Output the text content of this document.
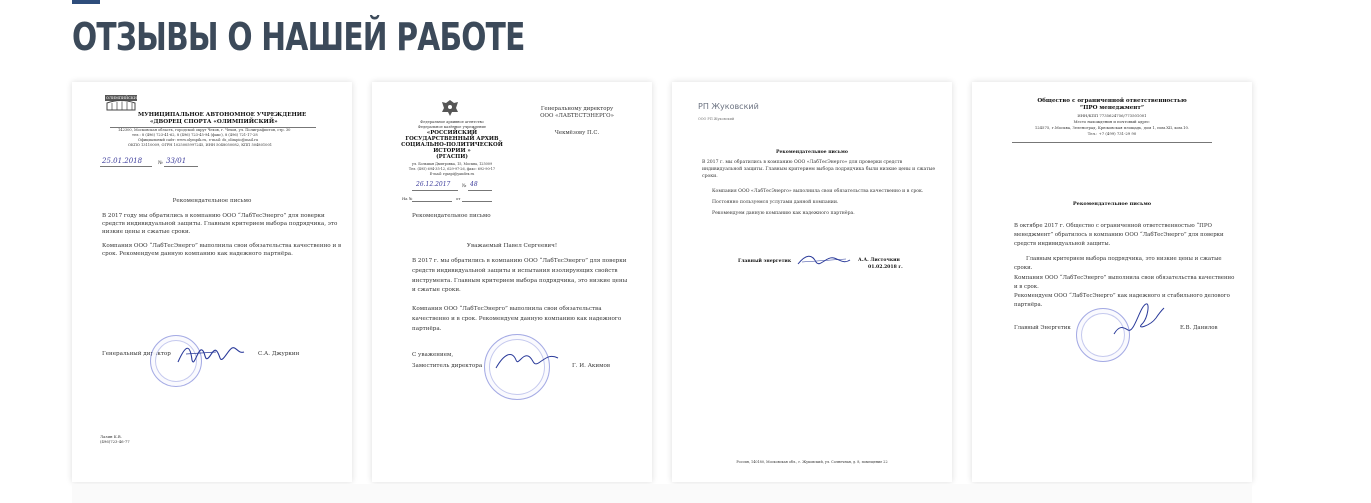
ОТЗЫВЫ О НАШЕЙ РАБОТЕ
ОЛИМПИЙСКИЙ
МУНИЦИПАЛЬНОЕ АВТОНОМНОЕ УЧРЕЖДЕНИЕ
«ДВОРЕЦ СПОРТА «ОЛИМПИЙСКИЙ»
142300, Московская область, городской округ Чехов, г. Чехов, ул. Полиграфистов, стр. 30
тел.: 8 (496) 723-41-62, 8 (496) 723-45-94 (факс), 8 (496) 721-17-28
Официальный сайт: www.olympik.ru, e-mail: ds_olimpic@mail.ru
ОКПО 13110009, ОГРН 1025005997245, ИНН 5048050082, КПП 504801001
25.01.2018	№ 33/01
Рекомендательное письмо
В 2017 году мы обратились в компанию ООО “ЛабТесЭнерго” для поверки средств индивидуальной защиты. Главным критерием выбора подрядчика, это низкие цены и сжатые сроки.
Компания ООО “ЛабТесЭнерго” выполнила свои обязательства качественно и в срок. Рекомендуем данную компанию как надежного партнёра.
Генеральный директор	С.А. Джуркин
Лазин К.В.
(496)723-46-77
Федеральное архивное агентство
Федеральное казённое учреждение
«РОССИЙСКИЙ
ГОСУДАРСТВЕННЫЙ АРХИВ
СОЦИАЛЬНО-ПОЛИТИЧЕСКОЙ
ИСТОРИИ »
(РГАСПИ)
ул. Большая Дмитровка, 15, Москва, 125009
Тел. (495) 694-35-12, 629-97-26, факс: 692-90-17
E-mail: rgaspi@yandex.ru
26.12.2017	№ 48
На №	от
Генеральному директору
ООО «ЛАБТЕСТЭНЕРГО»
Чекмёзову П.С.
Рекомендательное письмо
Уважаемый Павел Сергеевич!
В 2017 г. мы обратились в компанию ООО “ЛабТесЭнерго” для поверки средств индивидуальной защиты и испытания изолирующих свойств инструмента. Главным критерием выбора подрядчика, это низкие цены и сжатые сроки.
Компания ООО “ЛабТесЭнерго” выполнила свои обязательства качественно и в срок. Рекомендуем данную компанию как надежного партнёра.
С уважением,
Заместитель директора	Г. И. Акимов
РП Жуковский
ООО РП Жуковский
Рекомендательное письмо
В 2017 г. мы обратились в компанию ООО «ЛабТесЭнерго» для проверки средств индивидуальной защиты. Главным критерием выбора подрядчика были низкие цены и сжатые сроки.
Компания ООО «ЛабТесЭнерго» выполнила свои обязательства качественно и в срок.
Постоянно пользуемся услугами данной компании.
Рекомендуем данную компанию как надежного партнёра.
Главный энергетик	А.А. Листочкин
01.02.2018 г.
Россия, 140180, Московская обл., г. Жуковский, ул. Солнечная, д. 8, помещение 22
Общество с ограниченной ответственностью
“ПРО менеджмент”
ИНН/КПП 7735624756/773501001
Место нахождения и почтовый адрес:
124575, г.Москва, Зеленоград, Крюковская площадь, дом 1, пом.XII, ком.10.
Тел.: +7 (499) 731-29 90
Рекомендательное письмо
В октябре 2017 г. Общество с ограниченной ответственностью “ПРО менеджмент” обратилось в компанию ООО “ЛабТесЭнерго” для поверки средств индивидуальной защиты.
Главным критерием выбора подрядчика, это низкие цены и сжатые сроки.
Компания ООО “ЛабТесЭнерго” выполнила свои обязательства качественно и в срок.
Рекомендуем ООО “ЛабТесЭнерго” как надежного и стабильного делового партнёра.
Главный Энергетик	Е.В. Данилов
